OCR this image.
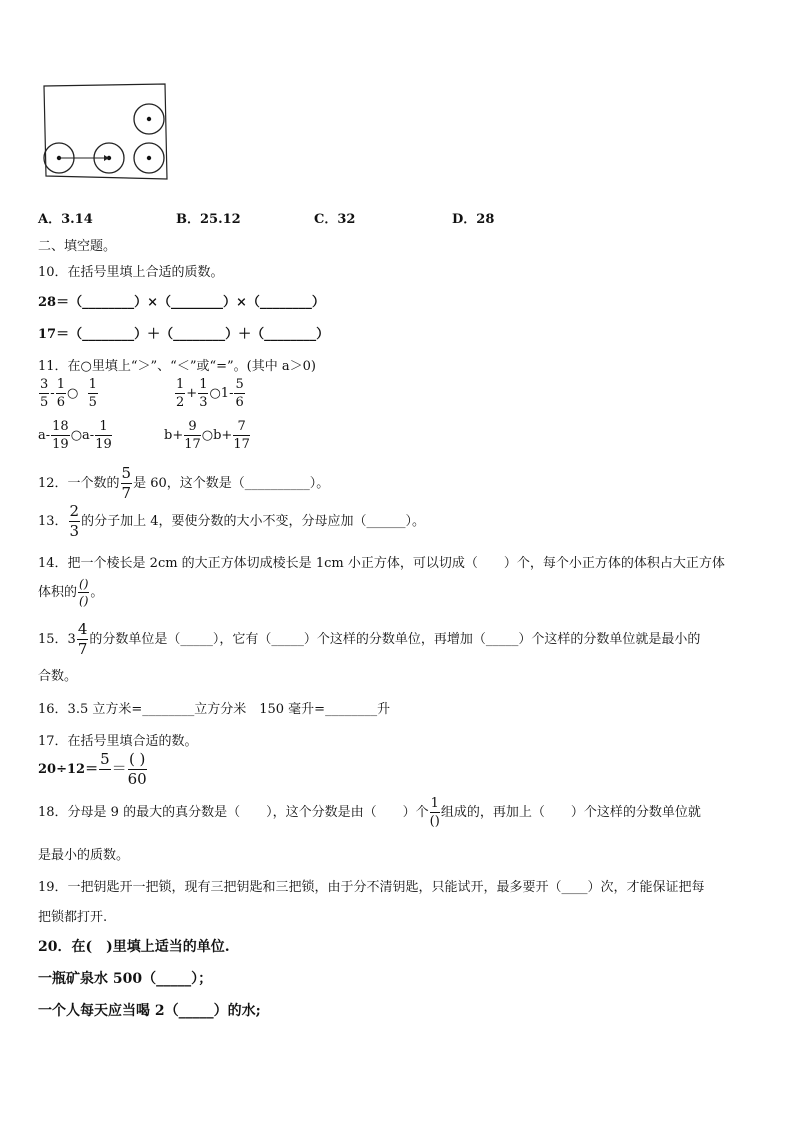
A．3.14	B．25.12	C．32	D．28
二、填空题。
10．在括号里填上合适的质数。
28＝（________）×（________）×（________）
17＝（________）＋（________）＋（________）
11．在○里填上“＞”、“＜”或“=”。(其中 a＞0)
$\frac{3}{5} - \frac{1}{6}$ ○ $\frac{1}{5}$	$\frac{1}{2} + \frac{1}{3}$ ○1- $\frac{5}{6}$
$a- \frac{18}{19}$ ○a- $\frac{1}{19}$	$b+ \frac{9}{17}$ ○b+ $\frac{7}{17}$
12．一个数的 $\frac{5}{7}$ 是 60，这个数是（__________）。
13． $\frac{2}{3}$ 的分子加上 4，要使分数的大小不变，分母应加（______）。
14．把一个棱长是 2cm 的大正方体切成棱长是 1cm 小正方体，可以切成（　　）个，每个小正方体的体积占大正方体
体积的 $\frac{()}{()}$ 。
15．$3 \frac{4}{7}$ 的分数单位是（_____），它有（_____）个这样的分数单位，再增加（_____）个这样的分数单位就是最小的
合数。
16．3.5 立方米=________立方分米　150 毫升=________升
17．在括号里填合适的数。
20÷12＝
5
＝ $\frac{( )}{60}$
18．分母是 9 的最大的真分数是（　　），这个分数是由（　　）个 $\frac{1}{()}$ 组成的，再加上（　　）个这样的分数单位就
是最小的质数。
19．一把钥匙开一把锁，现有三把钥匙和三把锁，由于分不清钥匙，只能试开，最多要开（____）次，才能保证把每
把锁都打开.
20．在(　)里填上适当的单位.
一瓶矿泉水 500（_____）；
一个人每天应当喝 2（_____）的水;
